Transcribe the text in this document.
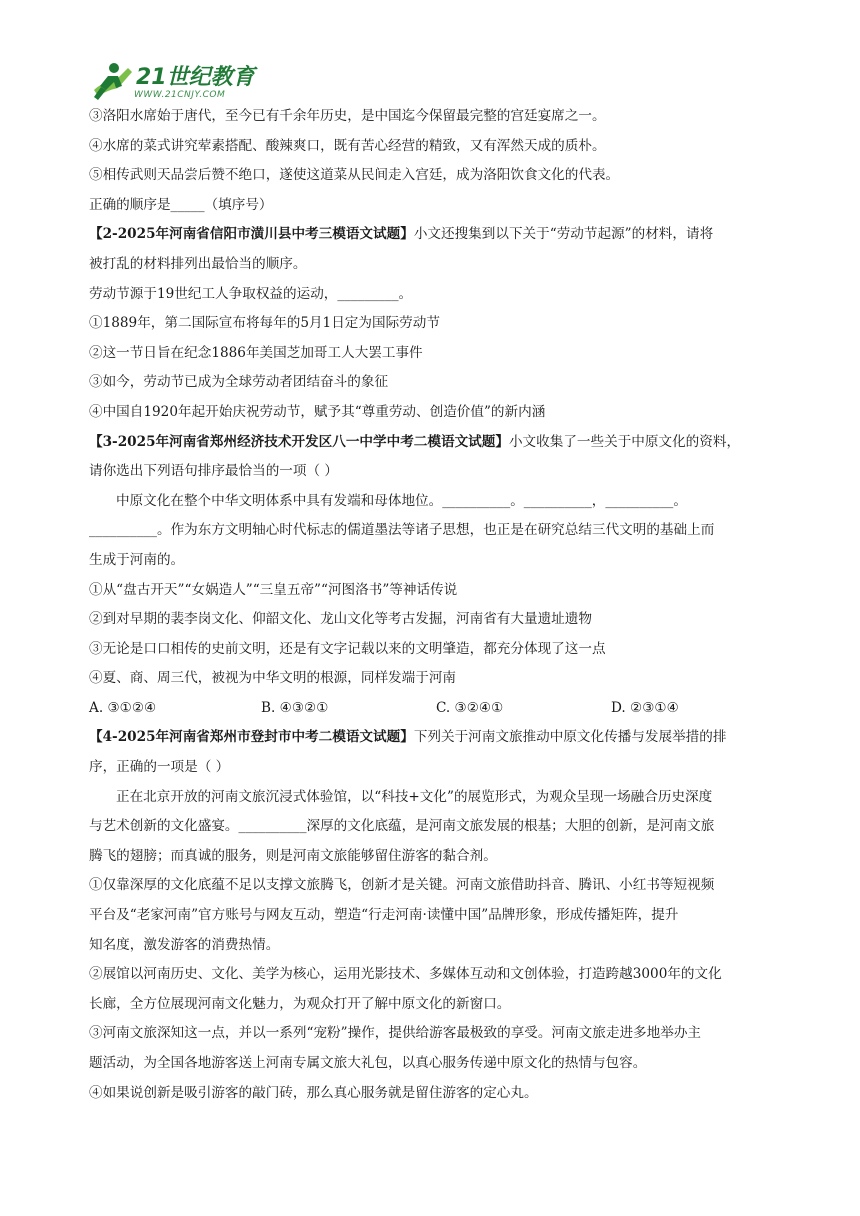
21世纪教育
WWW.21CNJY.COM
③洛阳水席始于唐代，至今已有千余年历史，是中国迄今保留最完整的宫廷宴席之一。
④水席的菜式讲究荤素搭配、酸辣爽口，既有苦心经营的精致，又有浑然天成的质朴。
⑤相传武则天品尝后赞不绝口，遂使这道菜从民间走入宫廷，成为洛阳饮食文化的代表。
正确的顺序是_____（填序号）
【2-2025年河南省信阳市潢川县中考三模语文试题】小文还搜集到以下关于“劳动节起源”的材料，请将
被打乱的材料排列出最恰当的顺序。
劳动节源于19世纪工人争取权益的运动，_________。
①1889年，第二国际宣布将每年的5月1日定为国际劳动节
②这一节日旨在纪念1886年美国芝加哥工人大罢工事件
③如今，劳动节已成为全球劳动者团结奋斗的象征
④中国自1920年起开始庆祝劳动节，赋予其“尊重劳动、创造价值”的新内涵
【3-2025年河南省郑州经济技术开发区八一中学中考二模语文试题】小文收集了一些关于中原文化的资料，
请你选出下列语句排序最恰当的一项（ ）
中原文化在整个中华文明体系中具有发端和母体地位。__________。__________，__________。
__________。作为东方文明轴心时代标志的儒道墨法等诸子思想，也正是在研究总结三代文明的基础上而
生成于河南的。
①从“盘古开天”“女娲造人”“三皇五帝”“河图洛书”等神话传说
②到对早期的裴李岗文化、仰韶文化、龙山文化等考古发掘，河南省有大量遗址遗物
③无论是口口相传的史前文明，还是有文字记载以来的文明肇造，都充分体现了这一点
④夏、商、周三代，被视为中华文明的根源，同样发端于河南
A. ③①②④	B. ④③②①	C. ③②④①	D. ②③①④
【4-2025年河南省郑州市登封市中考二模语文试题】下列关于河南文旅推动中原文化传播与发展举措的排
序，正确的一项是（ ）
正在北京开放的河南文旅沉浸式体验馆，以“科技+文化”的展览形式，为观众呈现一场融合历史深度
与艺术创新的文化盛宴。__________深厚的文化底蕴，是河南文旅发展的根基；大胆的创新，是河南文旅
腾飞的翅膀；而真诚的服务，则是河南文旅能够留住游客的黏合剂。
①仅靠深厚的文化底蕴不足以支撑文旅腾飞，创新才是关键。河南文旅借助抖音、腾讯、小红书等短视频
平台及“老家河南”官方账号与网友互动，塑造“行走河南·读懂中国”品牌形象，形成传播矩阵，提升
知名度，激发游客的消费热情。
②展馆以河南历史、文化、美学为核心，运用光影技术、多媒体互动和文创体验，打造跨越3000年的文化
长廊，全方位展现河南文化魅力，为观众打开了解中原文化的新窗口。
③河南文旅深知这一点，并以一系列“宠粉”操作，提供给游客最极致的享受。河南文旅走进多地举办主
题活动，为全国各地游客送上河南专属文旅大礼包，以真心服务传递中原文化的热情与包容。
④如果说创新是吸引游客的敲门砖，那么真心服务就是留住游客的定心丸。
